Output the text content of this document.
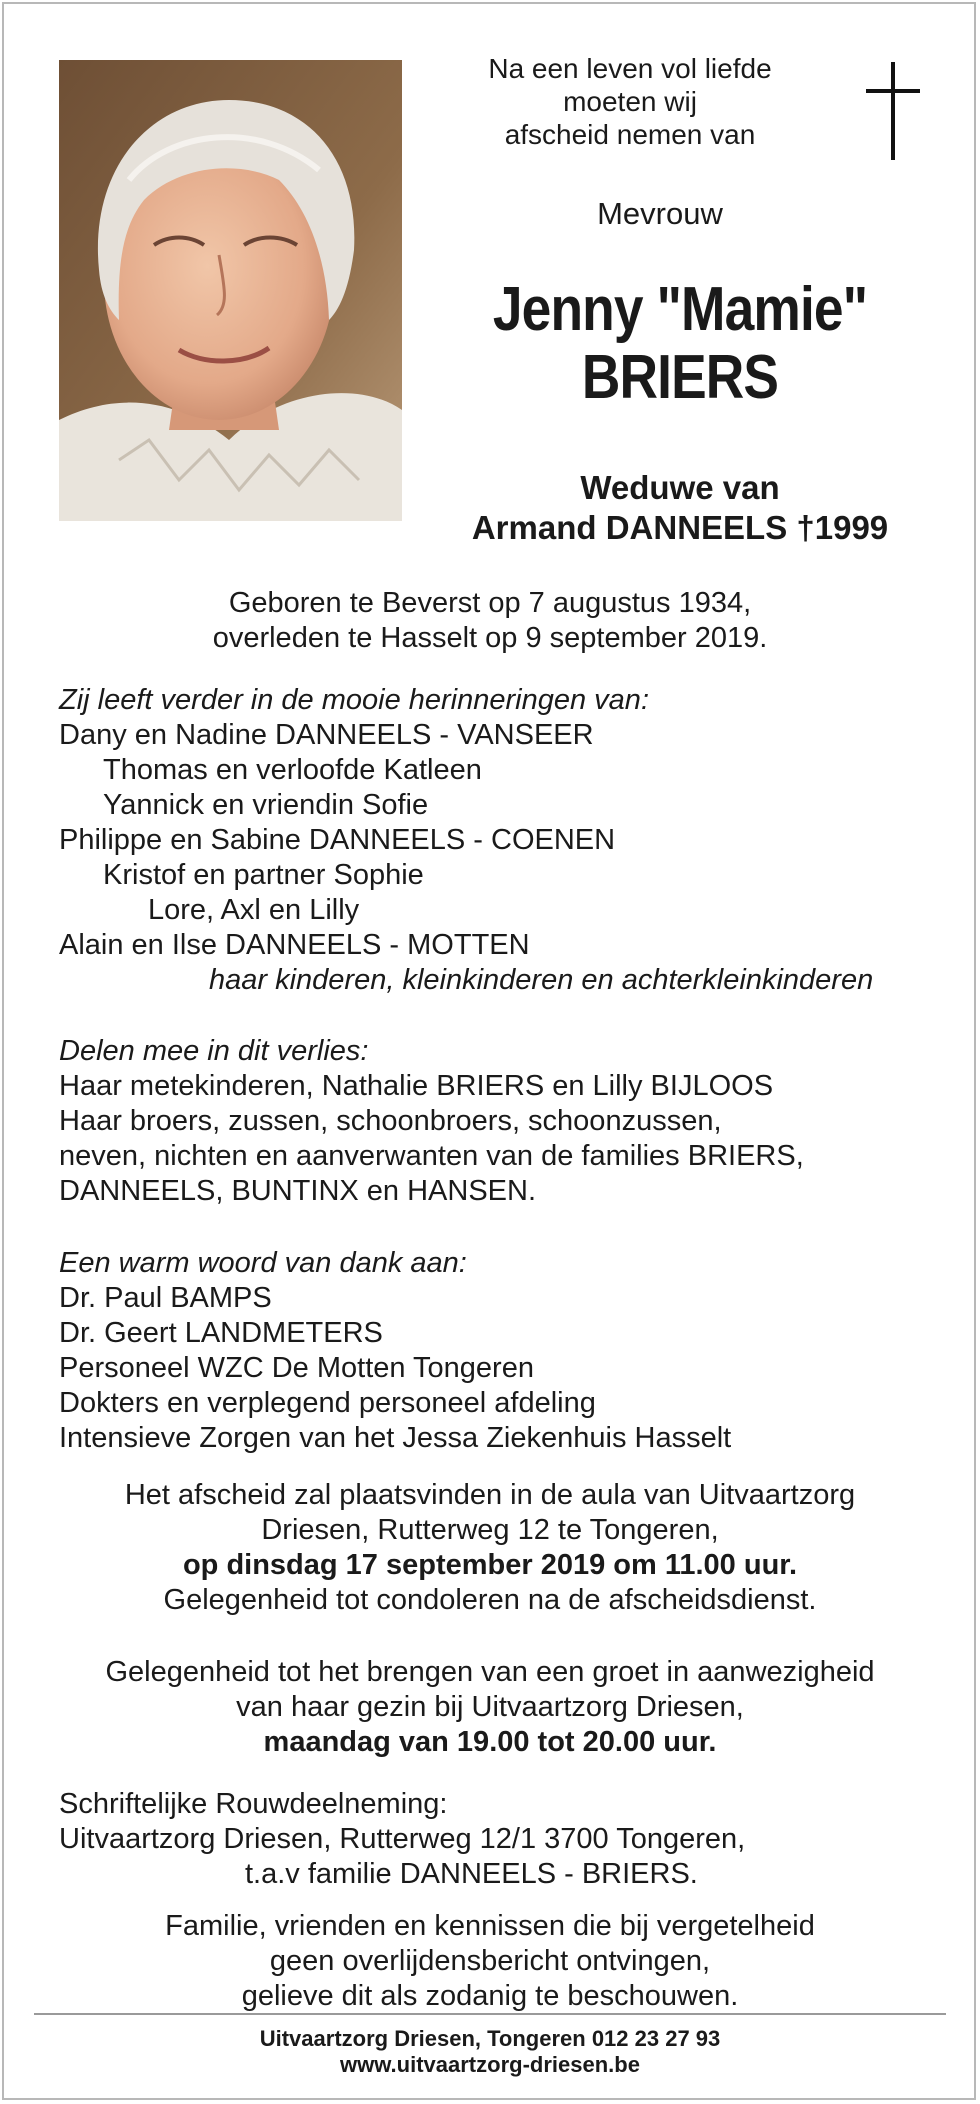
Na een leven vol liefde
moeten wij
afscheid nemen van
Mevrouw
Jenny "Mamie"
BRIERS
Weduwe van
Armand DANNEELS †1999
Geboren te Beverst op 7 augustus 1934,
overleden te Hasselt op 9 september 2019.
Zij leeft verder in de mooie herinneringen van:
Dany en Nadine DANNEELS - VANSEER
Thomas en verloofde Katleen
Yannick en vriendin Sofie
Philippe en Sabine DANNEELS - COENEN
Kristof en partner Sophie
Lore, Axl en Lilly
Alain en Ilse DANNEELS - MOTTEN
haar kinderen, kleinkinderen en achterkleinkinderen
Delen mee in dit verlies:
Haar metekinderen, Nathalie BRIERS en Lilly BIJLOOS
Haar broers, zussen, schoonbroers, schoonzussen,
neven, nichten en aanverwanten van de families BRIERS,
DANNEELS, BUNTINX en HANSEN.
Een warm woord van dank aan:
Dr. Paul BAMPS
Dr. Geert LANDMETERS
Personeel WZC De Motten Tongeren
Dokters en verplegend personeel afdeling
Intensieve Zorgen van het Jessa Ziekenhuis Hasselt
Het afscheid zal plaatsvinden in de aula van Uitvaartzorg
Driesen, Rutterweg 12 te Tongeren,
op dinsdag 17 september 2019 om 11.00 uur.
Gelegenheid tot condoleren na de afscheidsdienst.
Gelegenheid tot het brengen van een groet in aanwezigheid
van haar gezin bij Uitvaartzorg Driesen,
maandag van 19.00 tot 20.00 uur.
Schriftelijke Rouwdeelneming:
Uitvaartzorg Driesen, Rutterweg 12/1 3700 Tongeren,
t.a.v familie DANNEELS - BRIERS.
Familie, vrienden en kennissen die bij vergetelheid
geen overlijdensbericht ontvingen,
gelieve dit als zodanig te beschouwen.
Uitvaartzorg Driesen, Tongeren 012 23 27 93
www.uitvaartzorg-driesen.be
